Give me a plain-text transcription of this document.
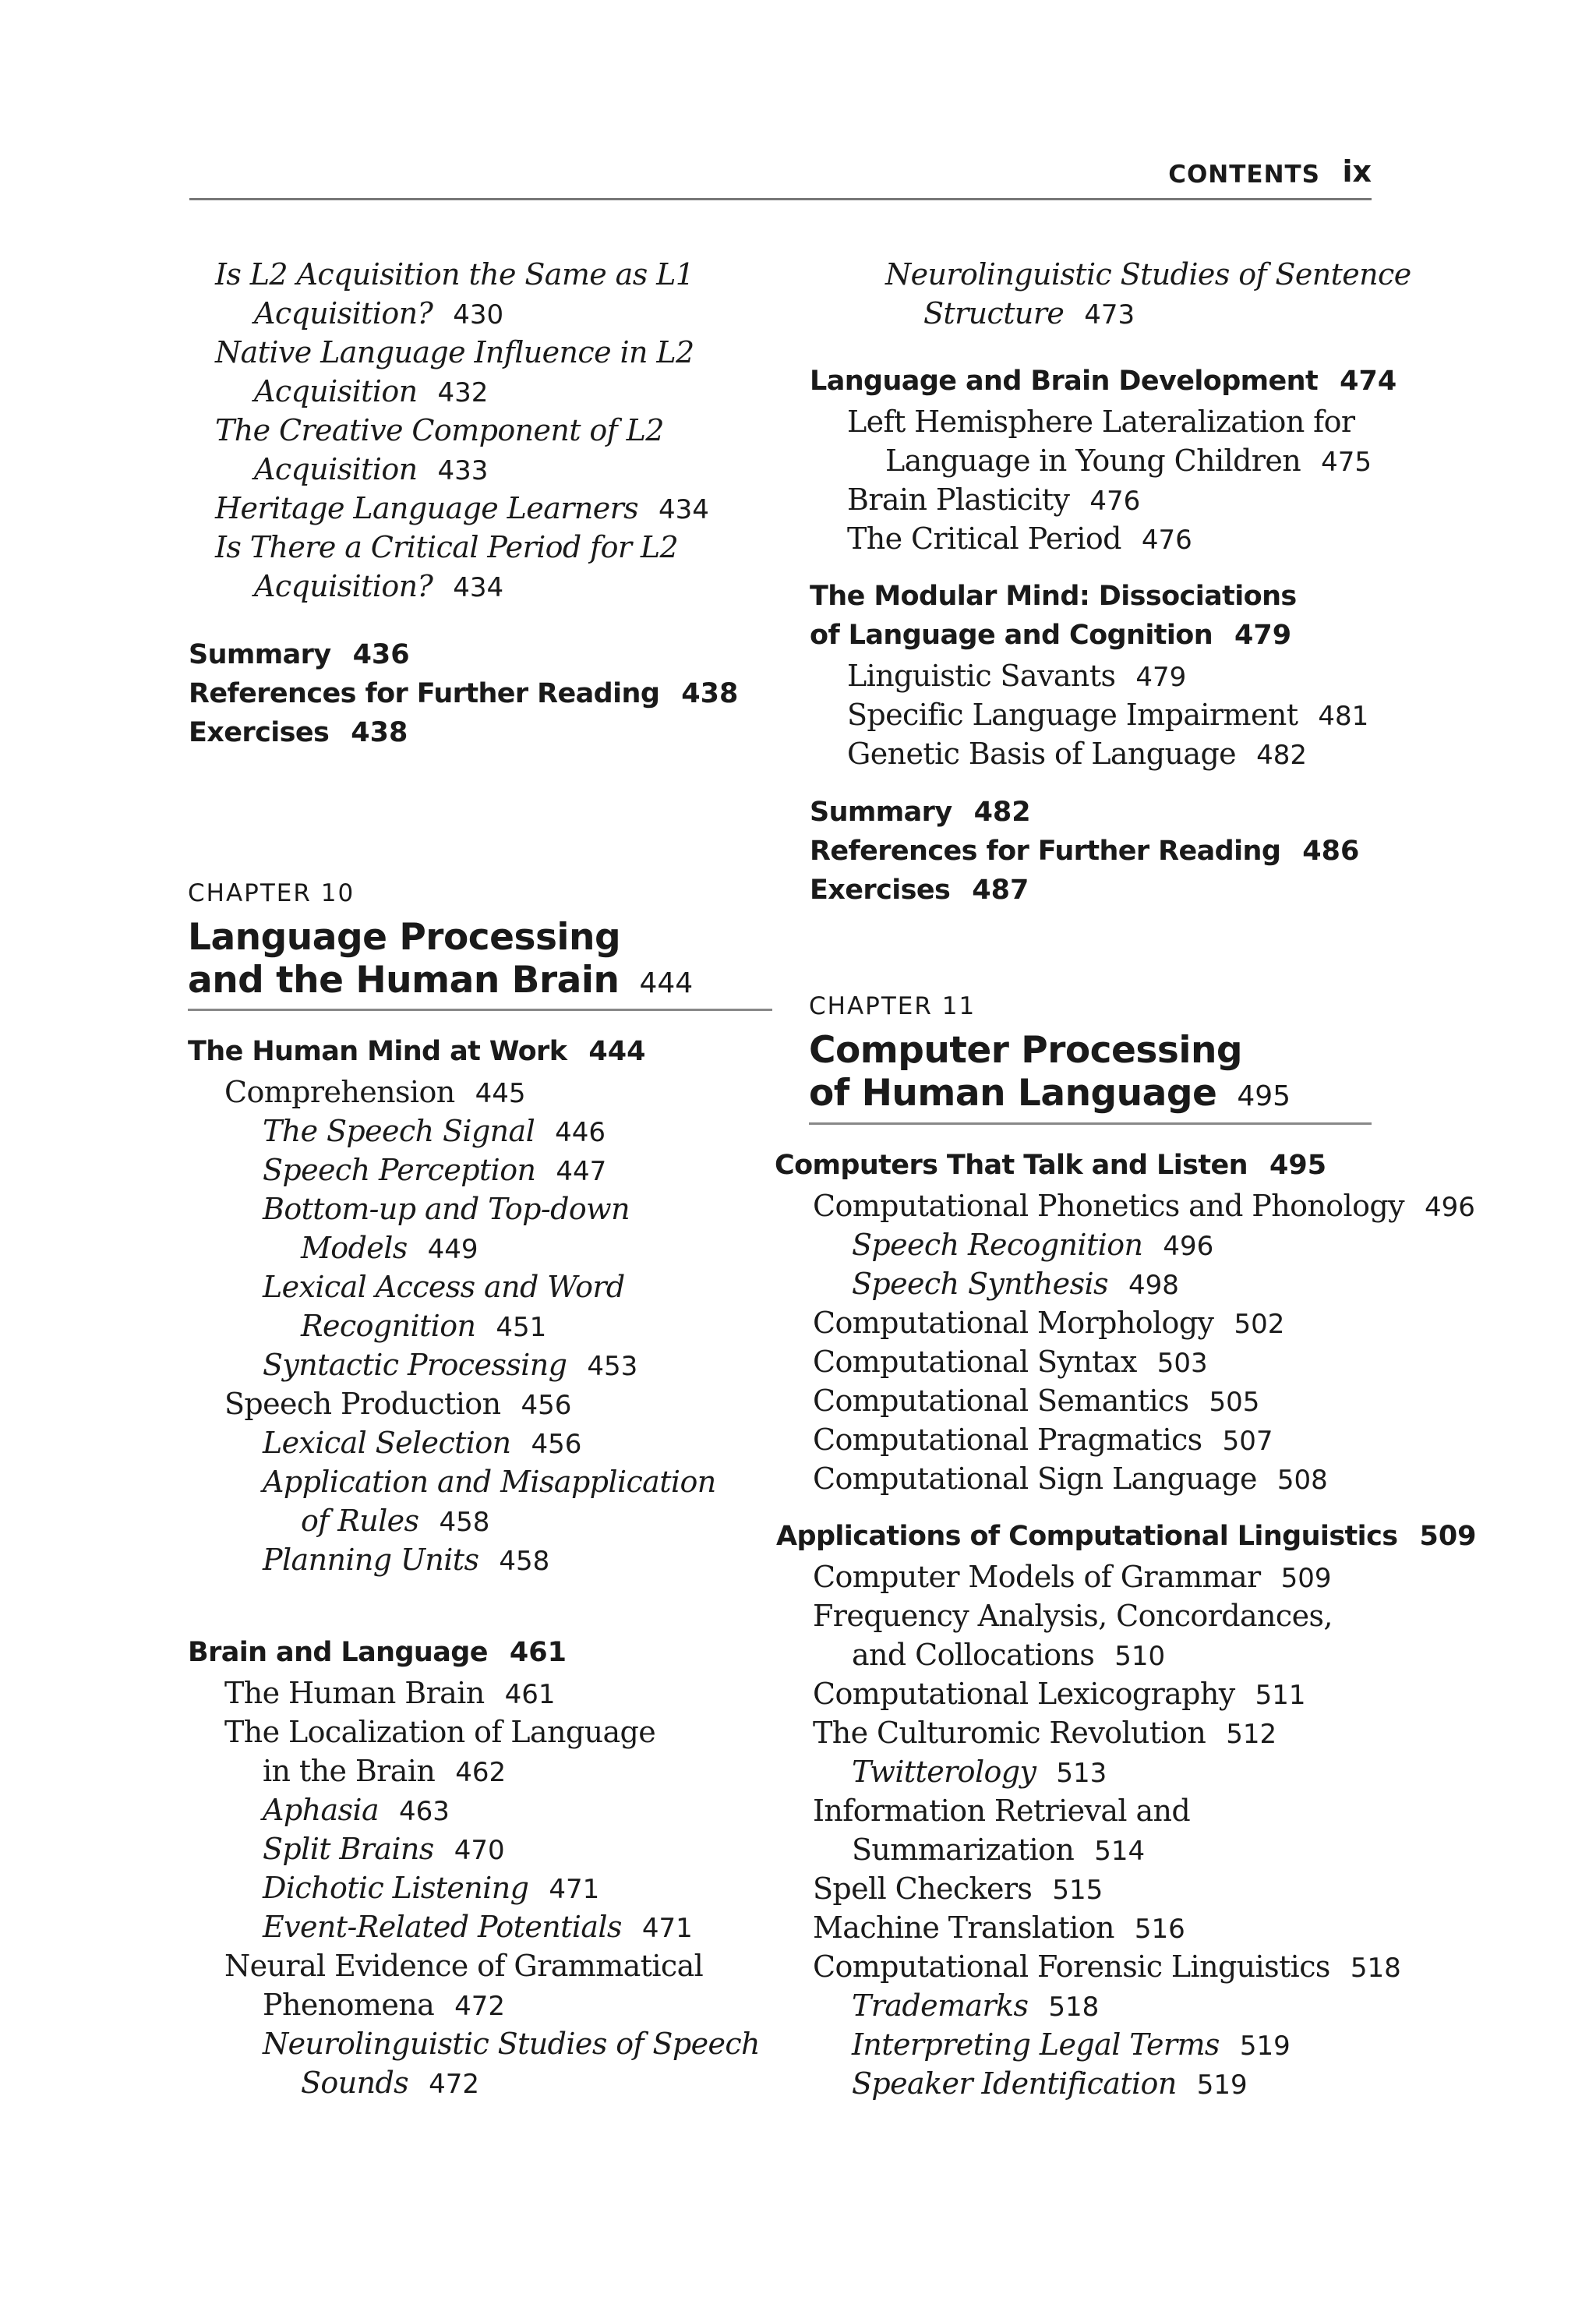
CONTENTS ix
Is L2 Acquisition the Same as L1
Acquisition? 430
Native Language Influence in L2
Acquisition 432
The Creative Component of L2
Acquisition 433
Heritage Language Learners 434
Is There a Critical Period for L2
Acquisition? 434
Summary 436
References for Further Reading 438
Exercises 438
CHAPTER 10
Language Processing
and the Human Brain 444
The Human Mind at Work 444
Comprehension 445
The Speech Signal 446
Speech Perception 447
Bottom-up and Top-down
Models 449
Lexical Access and Word
Recognition 451
Syntactic Processing 453
Speech Production 456
Lexical Selection 456
Application and Misapplication
of Rules 458
Planning Units 458
Brain and Language 461
The Human Brain 461
The Localization of Language
in the Brain 462
Aphasia 463
Split Brains 470
Dichotic Listening 471
Event-Related Potentials 471
Neural Evidence of Grammatical
Phenomena 472
Neurolinguistic Studies of Speech
Sounds 472
Neurolinguistic Studies of Sentence
Structure 473
Language and Brain Development 474
Left Hemisphere Lateralization for
Language in Young Children 475
Brain Plasticity 476
The Critical Period 476
The Modular Mind: Dissociations
of Language and Cognition 479
Linguistic Savants 479
Specific Language Impairment 481
Genetic Basis of Language 482
Summary 482
References for Further Reading 486
Exercises 487
CHAPTER 11
Computer Processing
of Human Language 495
Computers That Talk and Listen 495
Computational Phonetics and Phonology 496
Speech Recognition 496
Speech Synthesis 498
Computational Morphology 502
Computational Syntax 503
Computational Semantics 505
Computational Pragmatics 507
Computational Sign Language 508
Applications of Computational Linguistics 509
Computer Models of Grammar 509
Frequency Analysis, Concordances,
and Collocations 510
Computational Lexicography 511
The Culturomic Revolution 512
Twitterology 513
Information Retrieval and
Summarization 514
Spell Checkers 515
Machine Translation 516
Computational Forensic Linguistics 518
Trademarks 518
Interpreting Legal Terms 519
Speaker Identification 519
